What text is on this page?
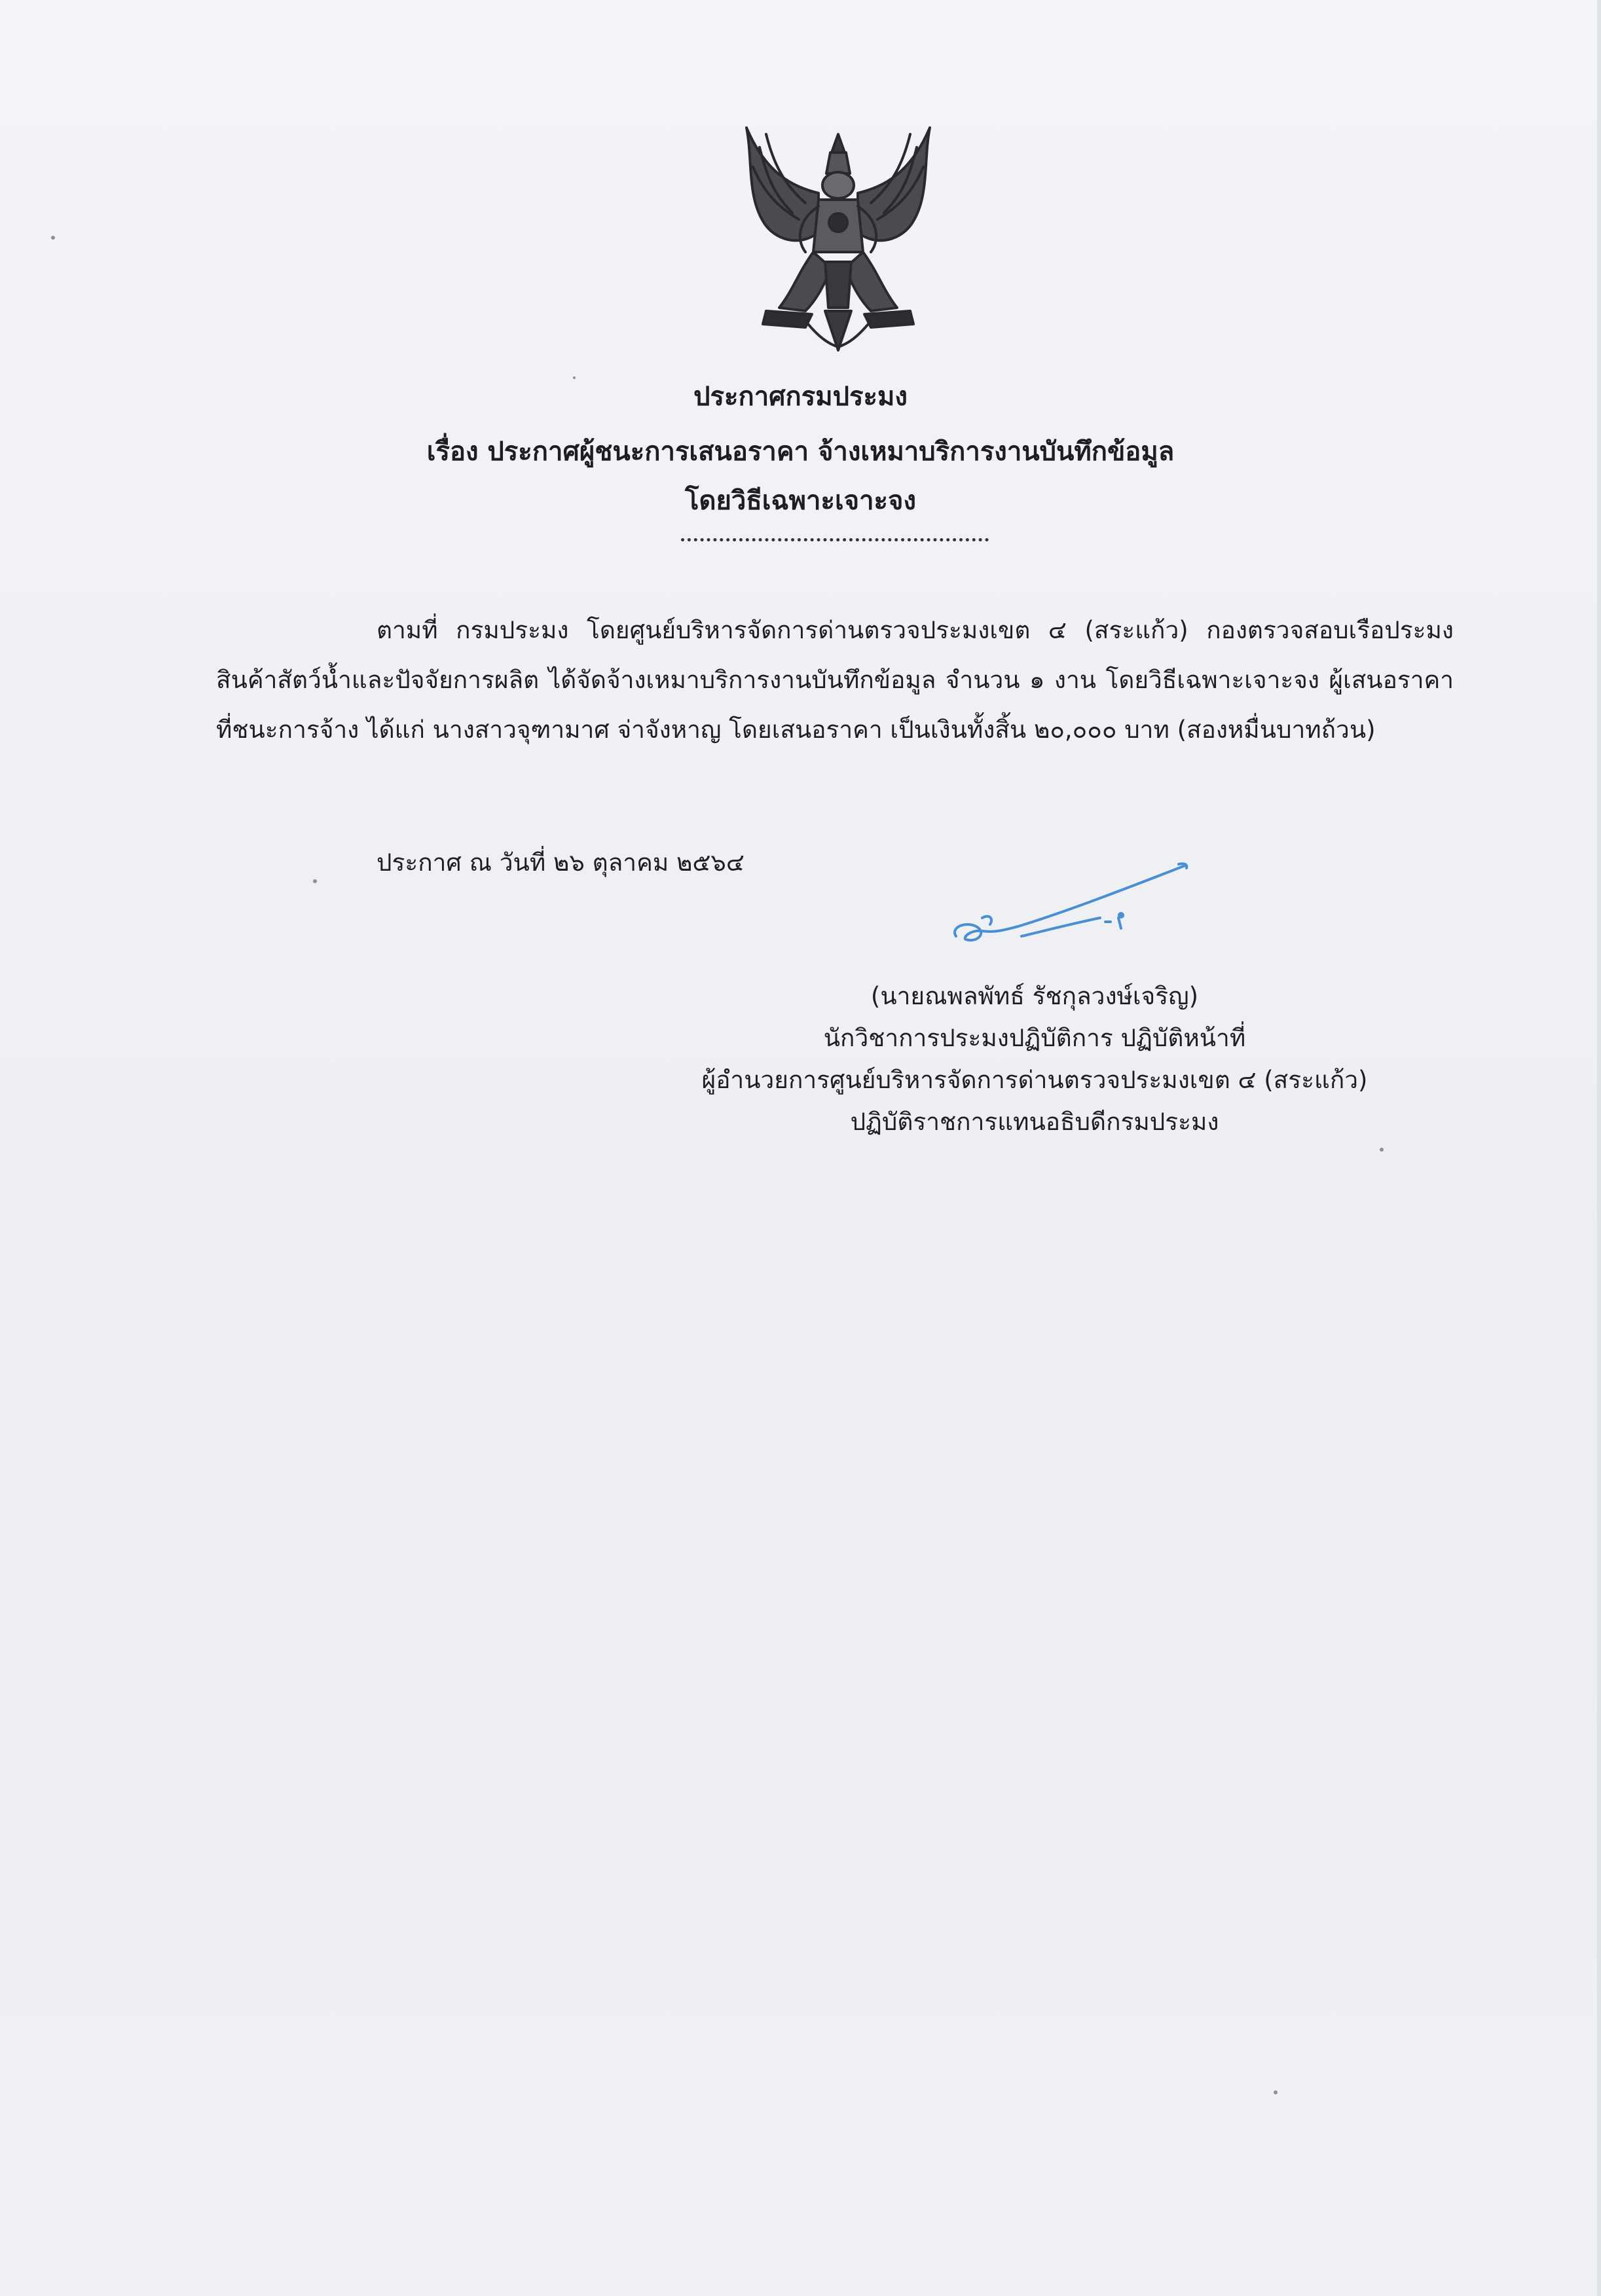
ประกาศกรมประมง
เรื่อง ประกาศผู้ชนะการเสนอราคา จ้างเหมาบริการงานบันทึกข้อมูล
โดยวิธีเฉพาะเจาะจง
ตามที่ กรมประมง โดยศูนย์บริหารจัดการด่านตรวจประมงเขต ๔ (สระแก้ว) กองตรวจสอบเรือประมง สินค้าสัตว์น้ำและปัจจัยการผลิต ได้จัดจ้างเหมาบริการงานบันทึกข้อมูล จำนวน ๑ งาน โดยวิธีเฉพาะเจาะจง ผู้เสนอราคาที่ชนะการจ้าง ได้แก่ นางสาวจุฑามาศ จ่าจังหาญ โดยเสนอราคา เป็นเงินทั้งสิ้น ๒๐,๐๐๐ บาท (สองหมื่นบาทถ้วน)
ประกาศ ณ วันที่ ๒๖ ตุลาคม ๒๕๖๔
(นายณพลพัทธ์ รัชกุลวงษ์เจริญ)
นักวิชาการประมงปฏิบัติการ ปฏิบัติหน้าที่
ผู้อำนวยการศูนย์บริหารจัดการด่านตรวจประมงเขต ๔ (สระแก้ว)
ปฏิบัติราชการแทนอธิบดีกรมประมง
